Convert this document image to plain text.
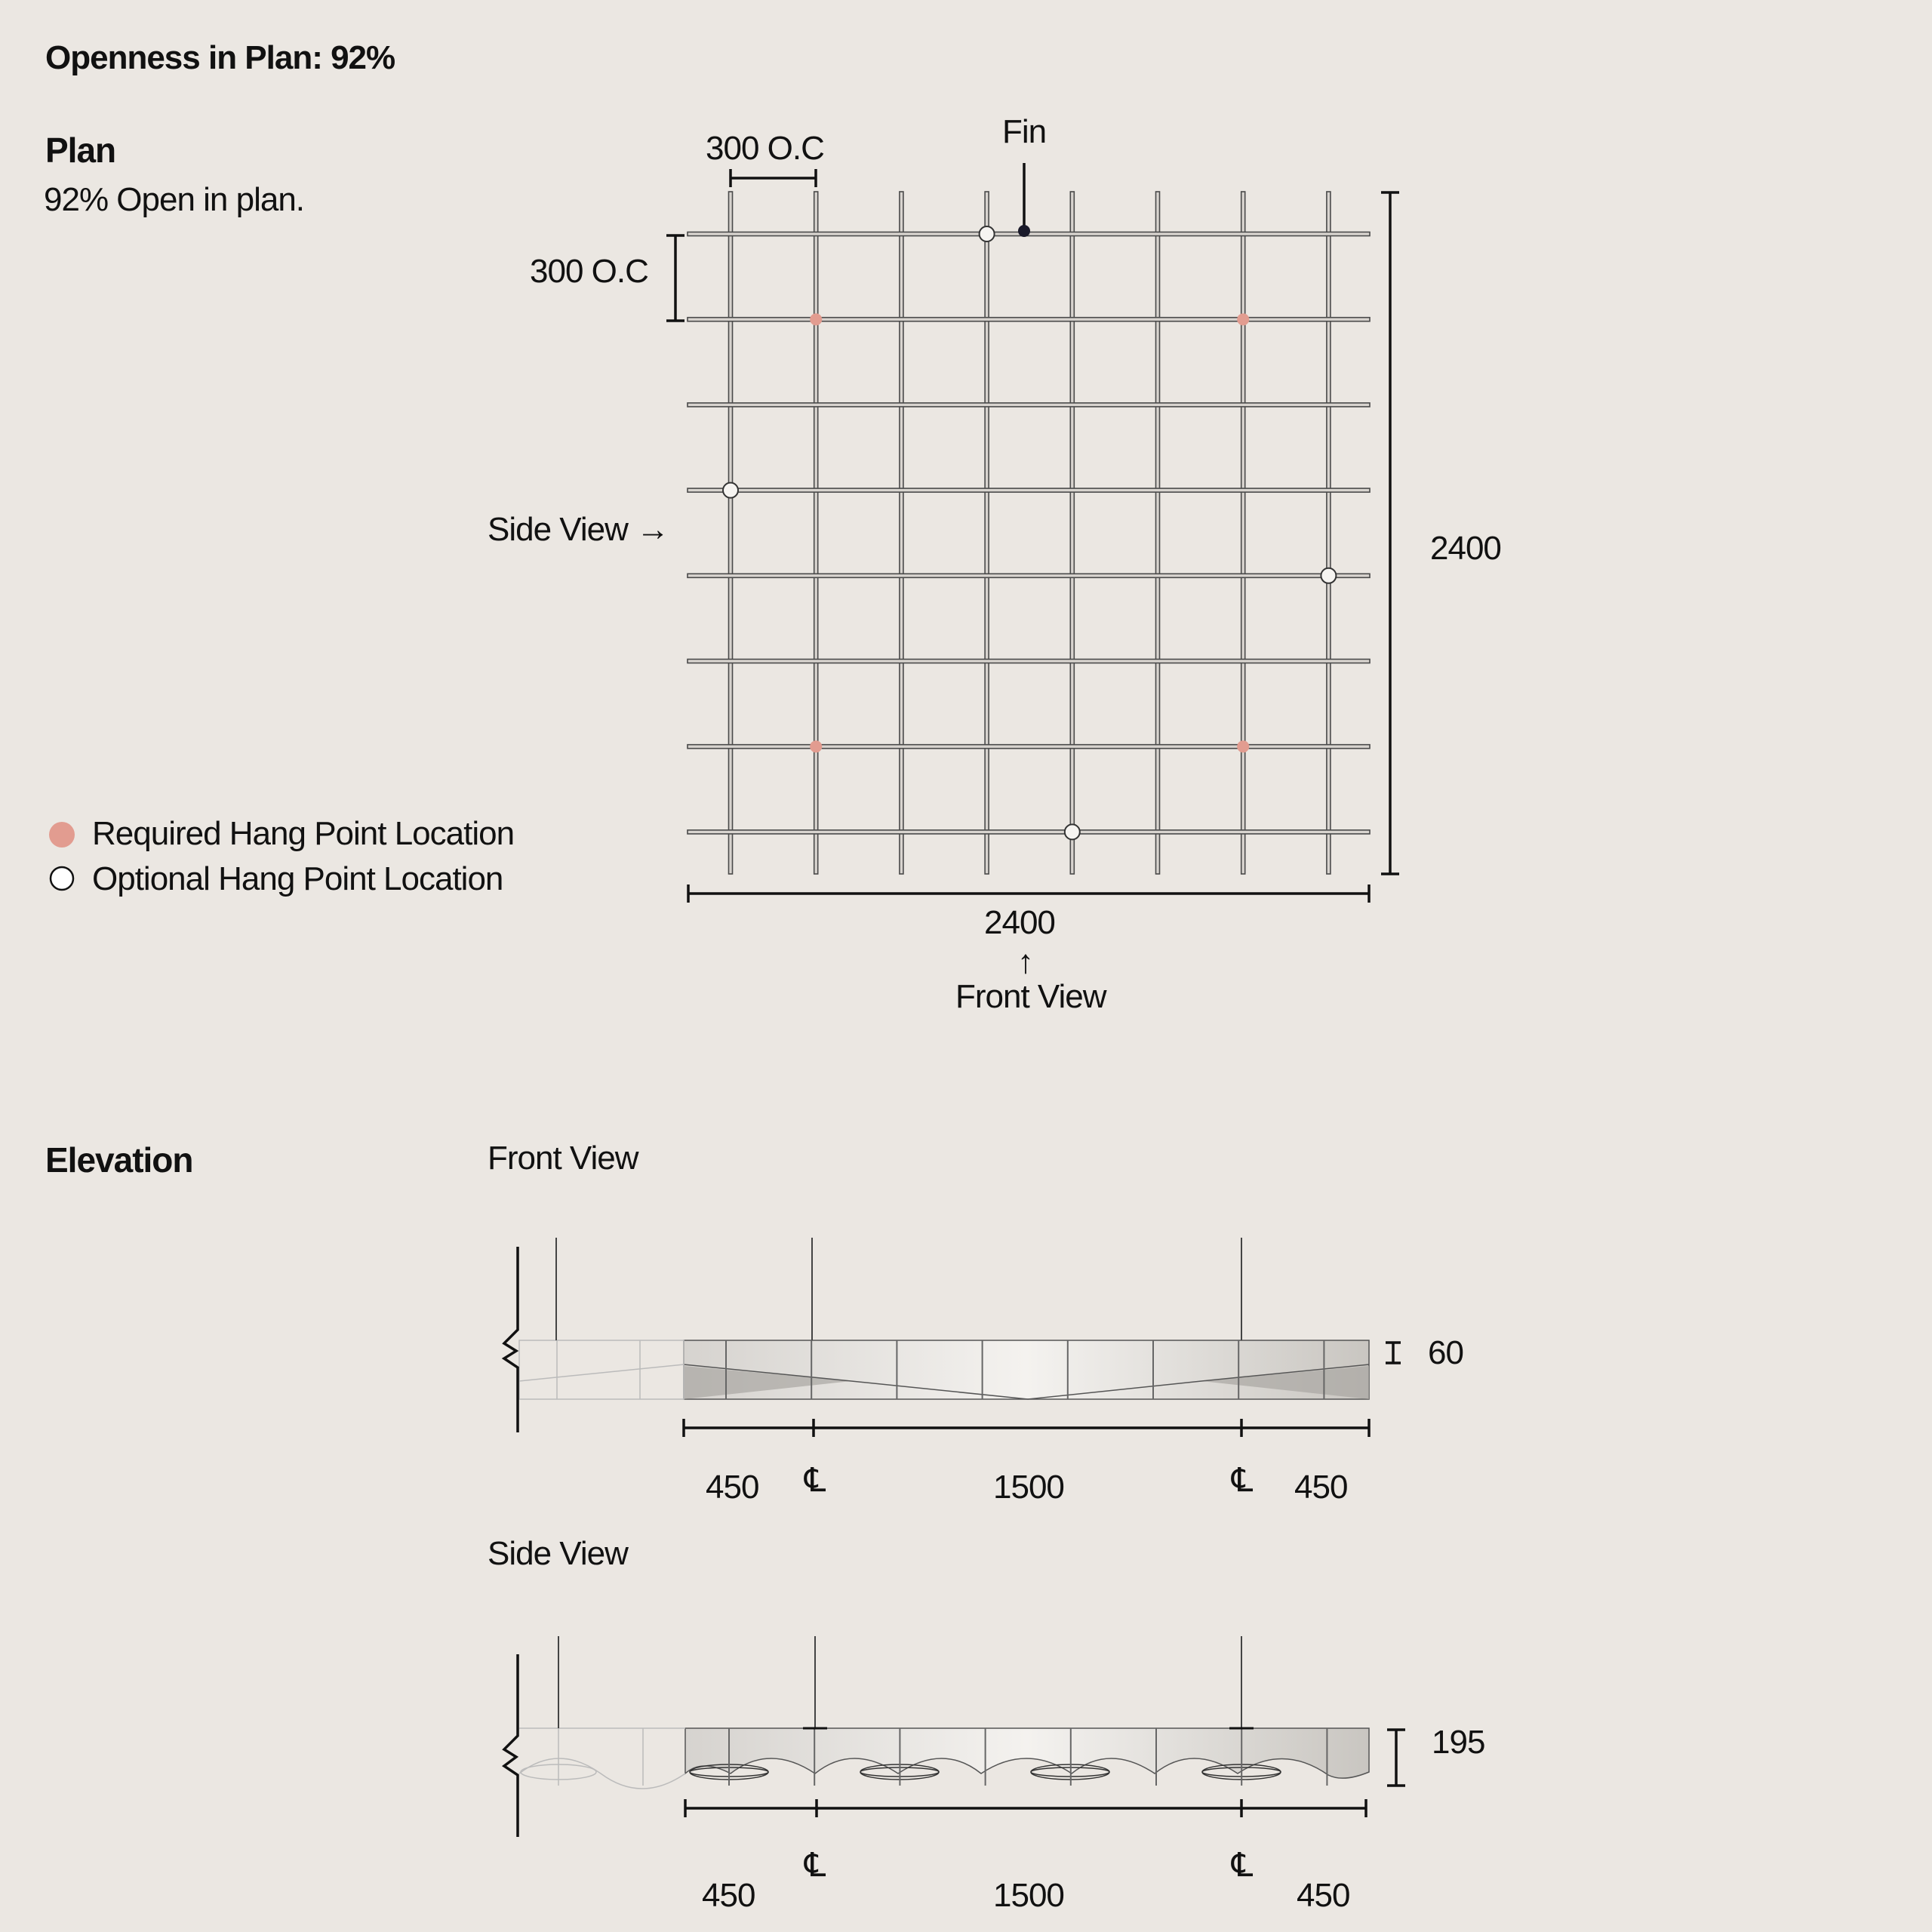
Openness in Plan: 92%
Plan
92% Open in plan.
300 O.C
300 O.C
Fin
Side View →
2400
2400
↑
Front View
Required Hang Point Location
Optional Hang Point Location
Elevation	Front View
60
450	1500	450
℄	℄
Side View
195
450	1500	450
℄	℄
